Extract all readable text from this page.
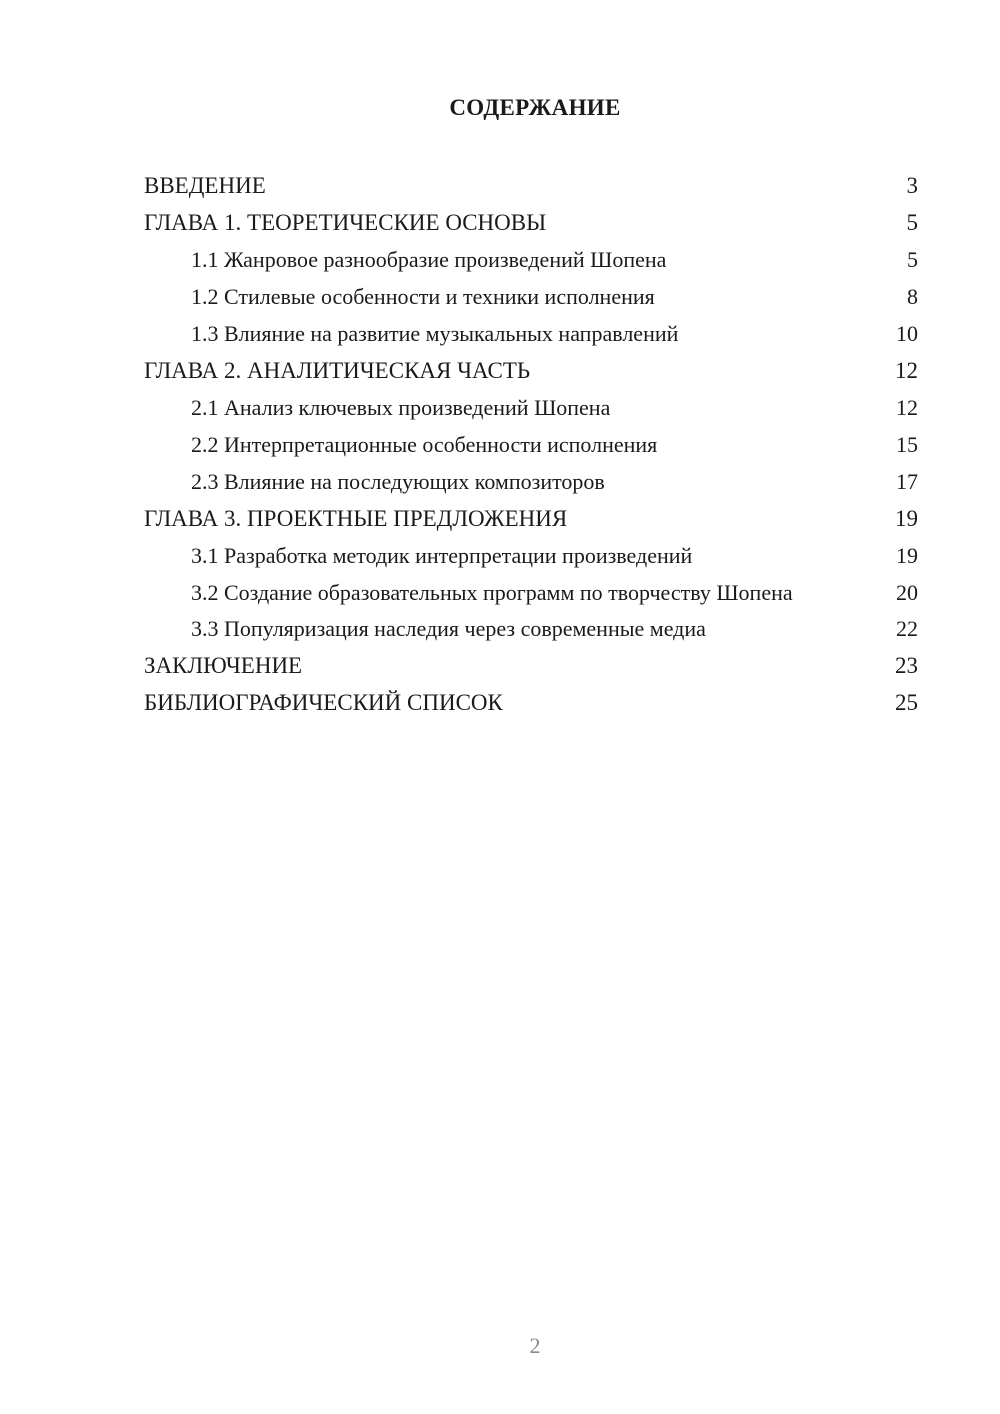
СОДЕРЖАНИЕ
ВВЕДЕНИЕ	3
ГЛАВА 1. ТЕОРЕТИЧЕСКИЕ ОСНОВЫ	5
1.1 Жанровое разнообразие произведений Шопена	5
1.2 Стилевые особенности и техники исполнения	8
1.3 Влияние на развитие музыкальных направлений	10
ГЛАВА 2. АНАЛИТИЧЕСКАЯ ЧАСТЬ	12
2.1 Анализ ключевых произведений Шопена	12
2.2 Интерпретационные особенности исполнения	15
2.3 Влияние на последующих композиторов	17
ГЛАВА 3. ПРОЕКТНЫЕ ПРЕДЛОЖЕНИЯ	19
3.1 Разработка методик интерпретации произведений	19
3.2 Создание образовательных программ по творчеству Шопена	20
3.3 Популяризация наследия через современные медиа	22
ЗАКЛЮЧЕНИЕ	23
БИБЛИОГРАФИЧЕСКИЙ СПИСОК	25
2
